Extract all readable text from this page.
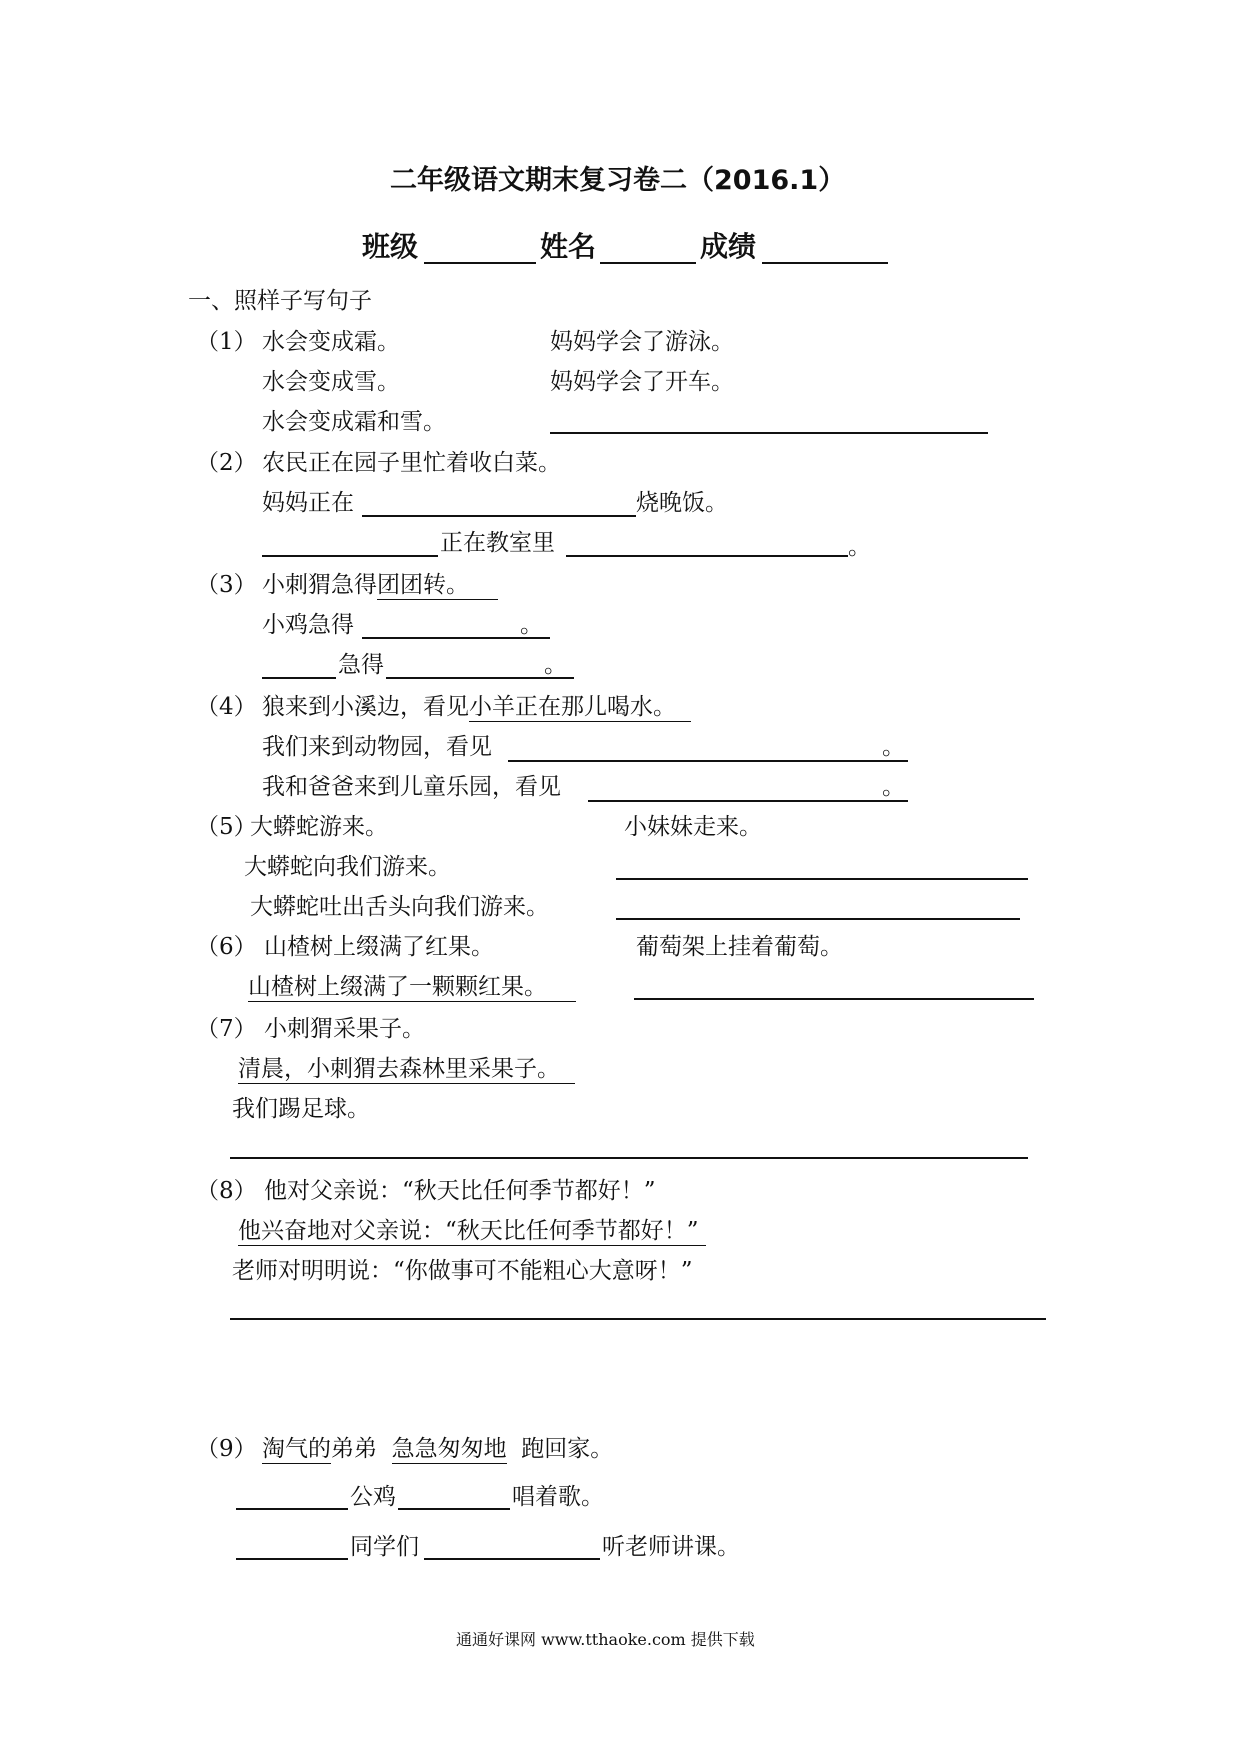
二年级语文期末复习卷二（2016.1）
班级	姓名	成绩
一、照样子写句子
（1） 水会变成霜。	妈妈学会了游泳。
水会变成雪。	妈妈学会了开车。
水会变成霜和雪。
（2） 农民正在园子里忙着收白菜。
妈妈正在	烧晚饭。
正在教室里	。
（3） 小刺猬急得团团转。
小鸡急得	。
急得	。
（4） 狼来到小溪边，看见小羊正在那儿喝水。
我们来到动物园，看见	。
我和爸爸来到儿童乐园，看见	。
（5）
大蟒蛇游来。	小妹妹走来。
大蟒蛇向我们游来。
大蟒蛇吐出舌头向我们游来。
（6） 山楂树上缀满了红果。	葡萄架上挂着葡萄。
山楂树上缀满了一颗颗红果。
（7） 小刺猬采果子。
清晨，小刺猬去森林里采果子。
我们踢足球。
（8） 他对父亲说：“秋天比任何季节都好！”
他兴奋地对父亲说：“秋天比任何季节都好！”
老师对明明说：“你做事可不能粗心大意呀！”
（9） 淘气的弟弟 急急匆匆地 跑回家。
公鸡	唱着歌。
同学们	听老师讲课。
通通好课网 www.tthaoke.com 提供下载
